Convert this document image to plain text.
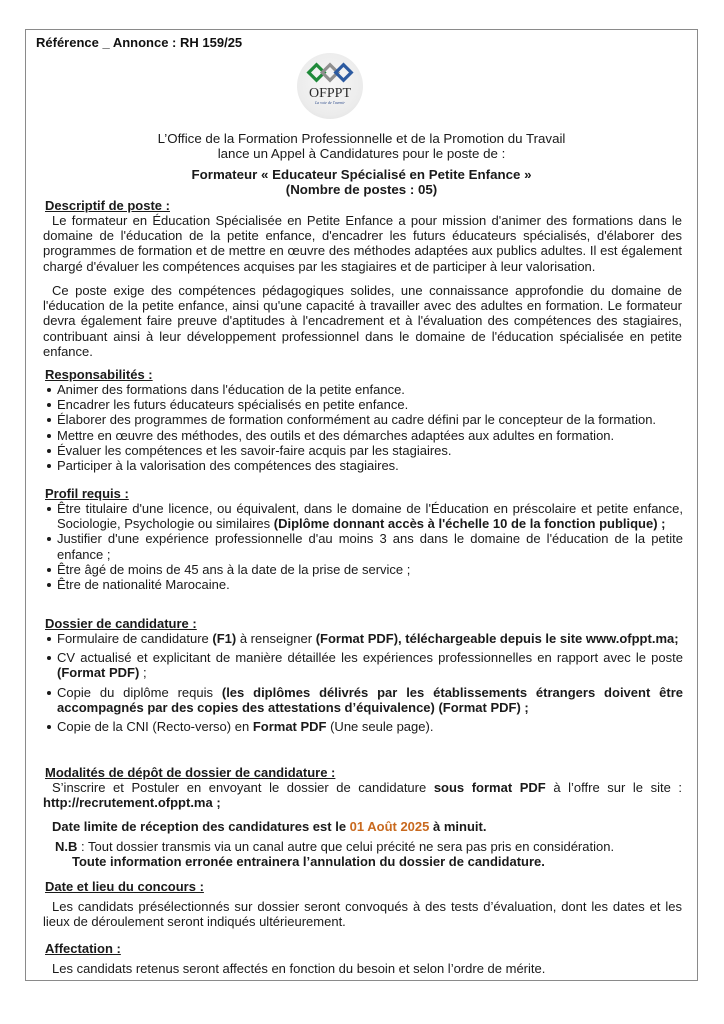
Référence _ Annonce : RH 159/25
OFPPT
La voie de l'avenir
L’Office de la Formation Professionnelle et de la Promotion du Travail
lance un Appel à Candidatures pour le poste de :
Formateur « Educateur Spécialisé en Petite Enfance »
(Nombre de postes : 05)
Descriptif de poste :
Le formateur en Éducation Spécialisée en Petite Enfance a pour mission d'animer des formations dans le domaine de l'éducation de la petite enfance, d'encadrer les futurs éducateurs spécialisés, d'élaborer des programmes de formation et de mettre en œuvre des méthodes adaptées aux publics adultes. Il est également chargé d'évaluer les compétences acquises par les stagiaires et de participer à leur valorisation.
Ce poste exige des compétences pédagogiques solides, une connaissance approfondie du domaine de l'éducation de la petite enfance, ainsi qu'une capacité à travailler avec des adultes en formation. Le formateur devra également faire preuve d'aptitudes à l'encadrement et à l'évaluation des compétences des stagiaires, contribuant ainsi à leur développement professionnel dans le domaine de l'éducation spécialisée en petite enfance.
Responsabilités :
Animer des formations dans l'éducation de la petite enfance.
Encadrer les futurs éducateurs spécialisés en petite enfance.
Élaborer des programmes de formation conformément au cadre défini par le concepteur de la formation.
Mettre en œuvre des méthodes, des outils et des démarches adaptées aux adultes en formation.
Évaluer les compétences et les savoir-faire acquis par les stagiaires.
Participer à la valorisation des compétences des stagiaires.
Profil requis :
Être titulaire d'une licence, ou équivalent, dans le domaine de l'Éducation en préscolaire et petite enfance, Sociologie, Psychologie ou similaires (Diplôme donnant accès à l'échelle 10 de la fonction publique) ;
Justifier d'une expérience professionnelle d'au moins 3 ans dans le domaine de l'éducation de la petite enfance ;
Être âgé de moins de 45 ans à la date de la prise de service ;
Être de nationalité Marocaine.
Dossier de candidature :
Formulaire de candidature (F1) à renseigner (Format PDF), téléchargeable depuis le site www.ofppt.ma;
CV actualisé et explicitant de manière détaillée les expériences professionnelles en rapport avec le poste (Format PDF) ;
Copie du diplôme requis (les diplômes délivrés par les établissements étrangers doivent être accompagnés par des copies des attestations d’équivalence) (Format PDF) ;
Copie de la CNI (Recto-verso) en Format PDF (Une seule page).
Modalités de dépôt de dossier de candidature :
S’inscrire et Postuler en envoyant le dossier de candidature sous format PDF à l’offre sur le site : http://recrutement.ofppt.ma ;
Date limite de réception des candidatures est le 01 Août 2025 à minuit.
N.B : Tout dossier transmis via un canal autre que celui précité ne sera pas pris en considération.
Toute information erronée entrainera l’annulation du dossier de candidature.
Date et lieu du concours :
Les candidats présélectionnés sur dossier seront convoqués à des tests d’évaluation, dont les dates et les lieux de déroulement seront indiqués ultérieurement.
Affectation :
Les candidats retenus seront affectés en fonction du besoin et selon l’ordre de mérite.
